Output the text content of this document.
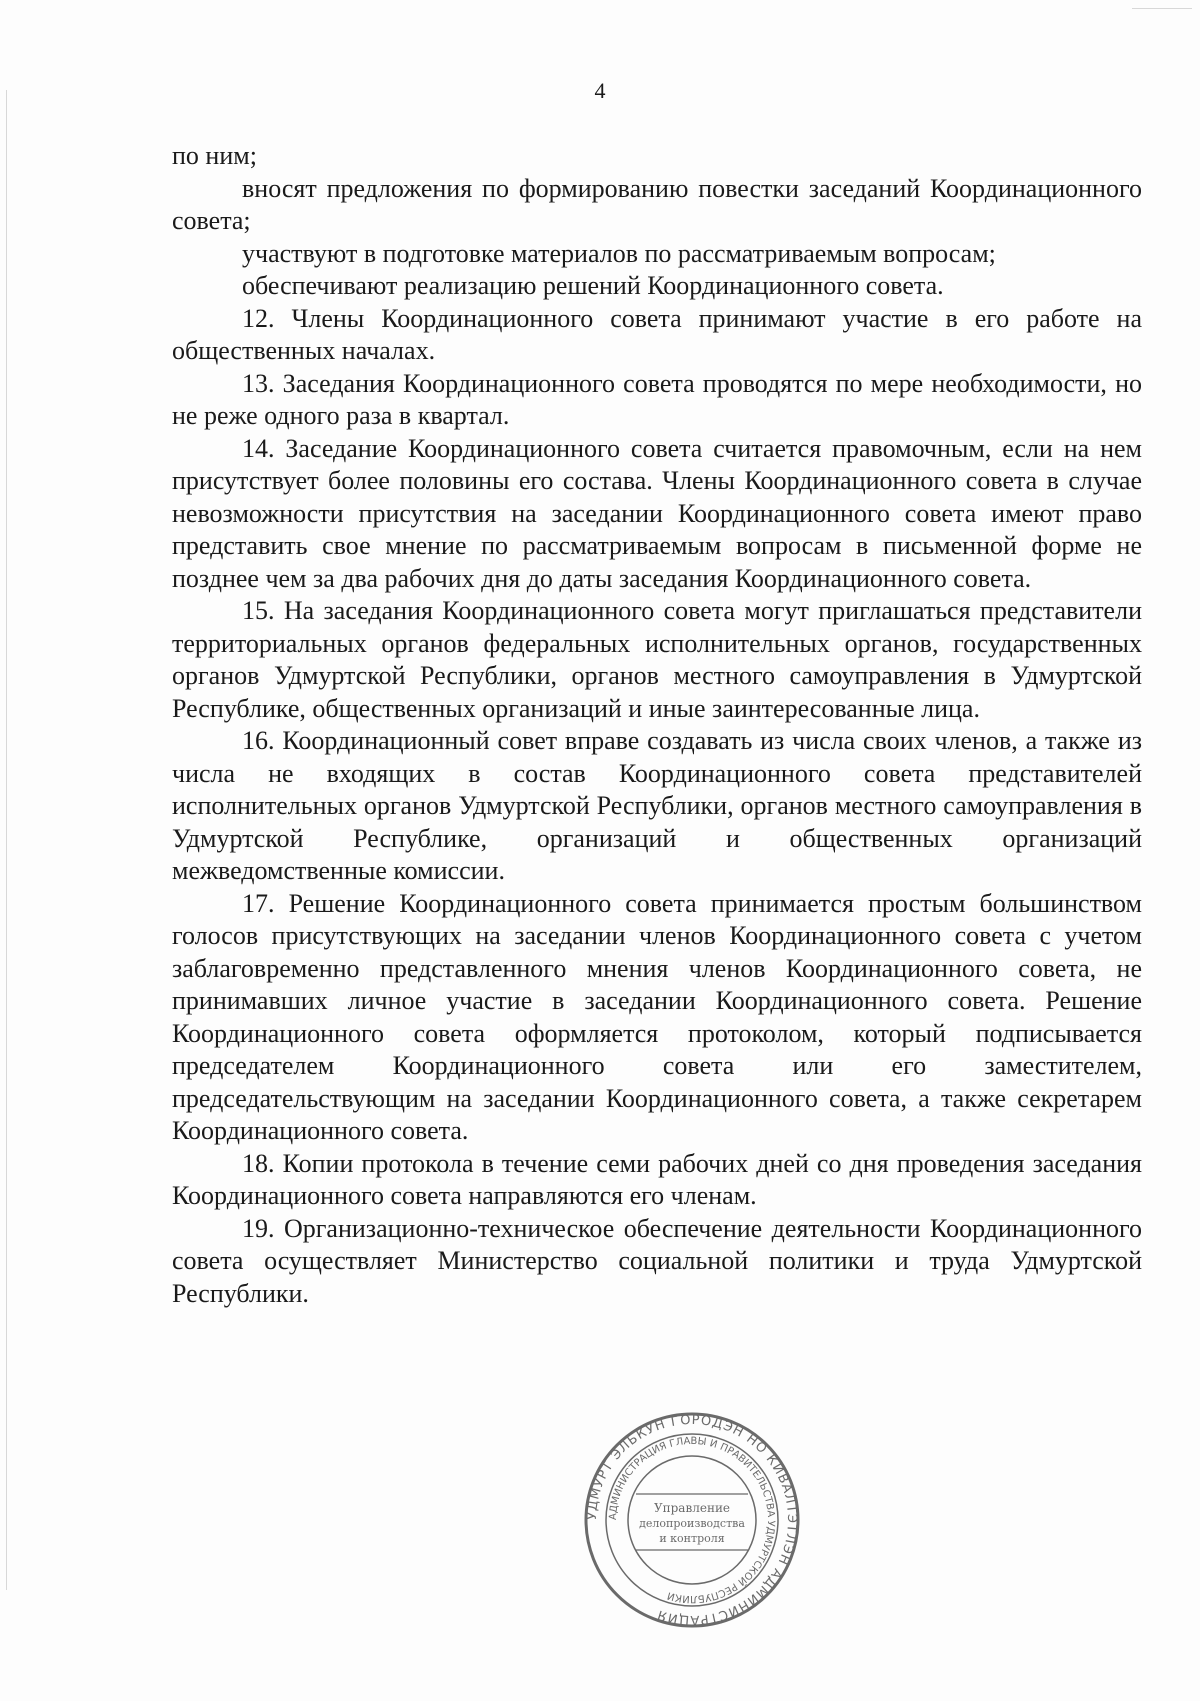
4

по ним;

вносят предложения по формированию повестки заседаний Координационного совета;

участвуют в подготовке материалов по рассматриваемым вопросам;

обеспечивают реализацию решений Координационного совета.

12. Члены Координационного совета принимают участие в его работе на общественных началах.

13. Заседания Координационного совета проводятся по мере необходимости, но не реже одного раза в квартал.

14. Заседание Координационного совета считается правомочным, если на нем присутствует более половины его состава. Члены Координационного совета в случае невозможности присутствия на заседании Координационного совета имеют право представить свое мнение по рассматриваемым вопросам в письменной форме не позднее чем за два рабочих дня до даты заседания Координационного совета.

15. На заседания Координационного совета могут приглашаться представители территориальных органов федеральных исполнительных органов, государственных органов Удмуртской Республики, органов местного самоуправления в Удмуртской Республике, общественных организаций и иные заинтересованные лица.

16. Координационный совет вправе создавать из числа своих членов, а также из числа не входящих в состав Координационного совета представителей исполнительных органов Удмуртской Республики, органов местного самоуправления в Удмуртской Республике, организаций и общественных организаций межведомственные комиссии.

17. Решение Координационного совета принимается простым большинством голосов присутствующих на заседании членов Координационного совета с учетом заблаговременно представленного мнения членов Координационного совета, не принимавших личное участие в заседании Координационного совета. Решение Координационного совета оформляется протоколом, который подписывается председателем Координационного совета или его заместителем, председательствующим на заседании Координационного совета, а также секретарем Координационного совета.

18. Копии протокола в течение семи рабочих дней со дня проведения заседания Координационного совета направляются его членам.

19. Организационно-техническое обеспечение деятельности Координационного совета осуществляет Министерство социальной политики и труда Удмуртской Республики.

УДМУРТ ЭЛЬКУН ГОРОДЭН НО КИВАЛТЭТЛЭН АДМИНИСТРАЦИЯ
АДМИНИСТРАЦИЯ ГЛАВЫ И ПРАВИТЕЛЬСТВА УДМУРТСКОЙ РЕСПУБЛИКИ
Управление
делопроизводства
и контроля
